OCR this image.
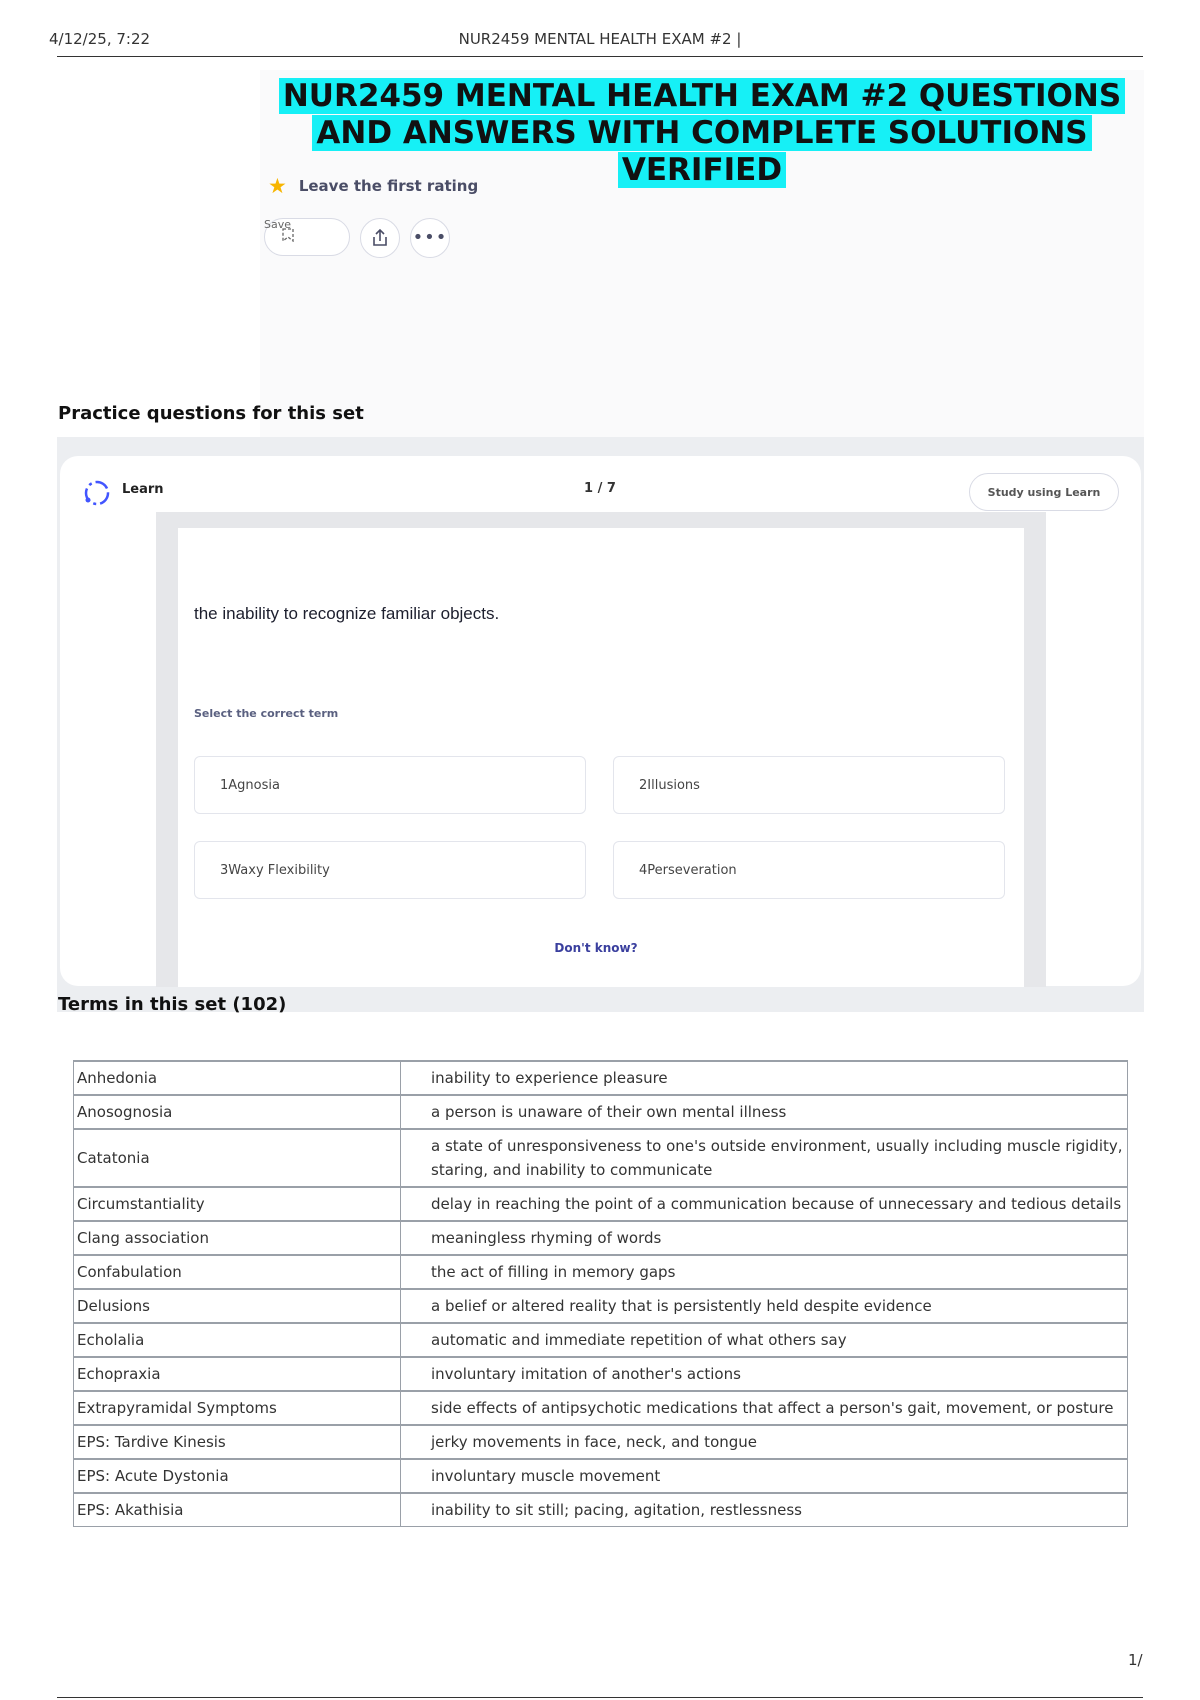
4/12/25, 7:22	NUR2459 MENTAL HEALTH EXAM #2 |
NUR2459 MENTAL HEALTH EXAM #2 QUESTIONS AND ANSWERS WITH COMPLETE SOLUTIONS VERIFIED
★ Leave the first rating
Save
•••
Practice questions for this set
Learn	1 / 7	Study using Learn
the inability to recognize familiar objects.
Select the correct term
1 Agnosia	2 Illusions
3 Waxy Flexibility	4 Perseveration
Don't know?
Terms in this set (102)
Anhedonia	inability to experience pleasure
Anosognosia	a person is unaware of their own mental illness
Catatonia	a state of unresponsiveness to one's outside environment, usually including muscle rigidity, staring, and inability to communicate
Circumstantiality	delay in reaching the point of a communication because of unnecessary and tedious details
Clang association	meaningless rhyming of words
Confabulation	the act of filling in memory gaps
Delusions	a belief or altered reality that is persistently held despite evidence
Echolalia	automatic and immediate repetition of what others say
Echopraxia	involuntary imitation of another's actions
Extrapyramidal Symptoms	side effects of antipsychotic medications that affect a person's gait, movement, or posture
EPS: Tardive Kinesis	jerky movements in face, neck, and tongue
EPS: Acute Dystonia	involuntary muscle movement
EPS: Akathisia	inability to sit still; pacing, agitation, restlessness
1/
